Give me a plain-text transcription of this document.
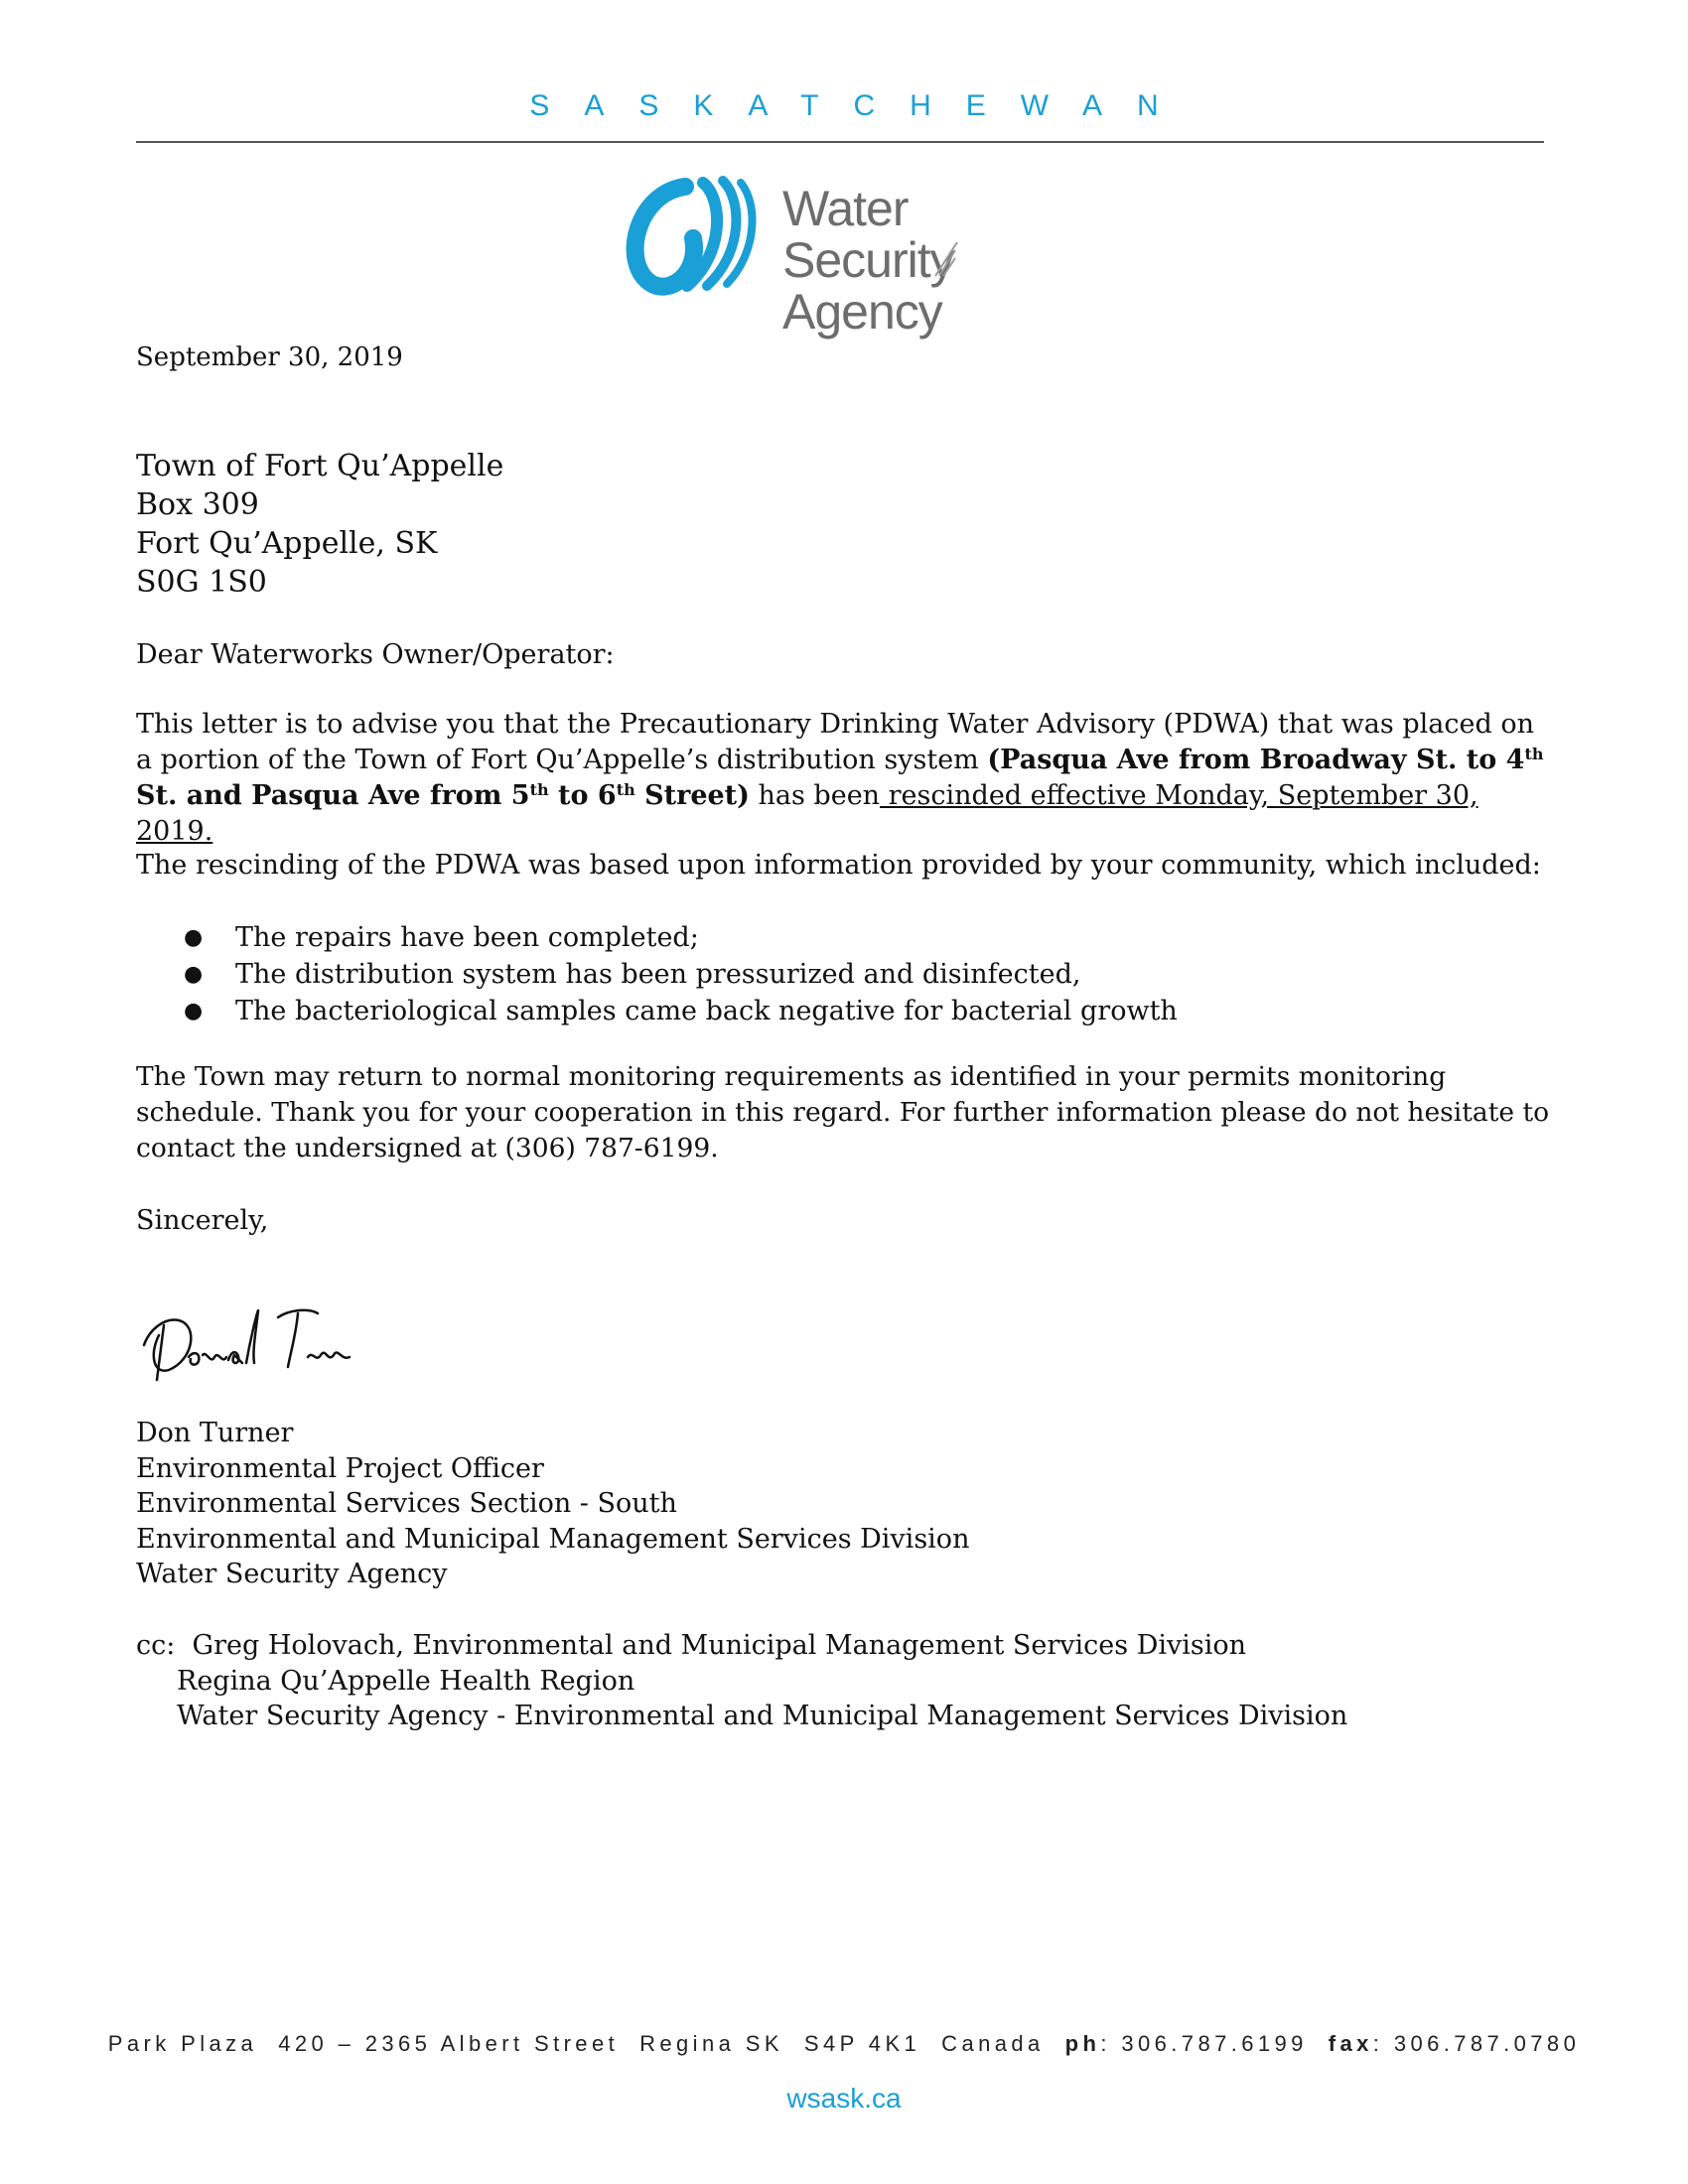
SASKATCHEWAN
Water Security
Agency
September 30, 2019
Town of Fort Qu’Appelle
Box 309
Fort Qu’Appelle, SK
S0G 1S0
Dear Waterworks Owner/Operator:
This letter is to advise you that the Precautionary Drinking Water Advisory (PDWA) that was placed on a portion of the Town of Fort Qu’Appelle’s distribution system (Pasqua Ave from Broadway St. to 4th St. and Pasqua Ave from 5th to 6th Street) has been rescinded effective Monday, September 30, 2019.
The rescinding of the PDWA was based upon information provided by your community, which included:
●	The repairs have been completed;
●	The distribution system has been pressurized and disinfected,
●	The bacteriological samples came back negative for bacterial growth
The Town may return to normal monitoring requirements as identified in your permits monitoring schedule. Thank you for your cooperation in this regard. For further information please do not hesitate to contact the undersigned at (306) 787-6199.
Sincerely,
Don Turner
Environmental Project Officer
Environmental Services Section - South
Environmental and Municipal Management Services Division
Water Security Agency
cc: Greg Holovach, Environmental and Municipal Management Services Division
Regina Qu’Appelle Health Region
Water Security Agency - Environmental and Municipal Management Services Division
Park Plaza  420 – 2365 Albert Street  Regina SK  S4P 4K1  Canada  ph: 306.787.6199  fax: 306.787.0780
wsask.ca
